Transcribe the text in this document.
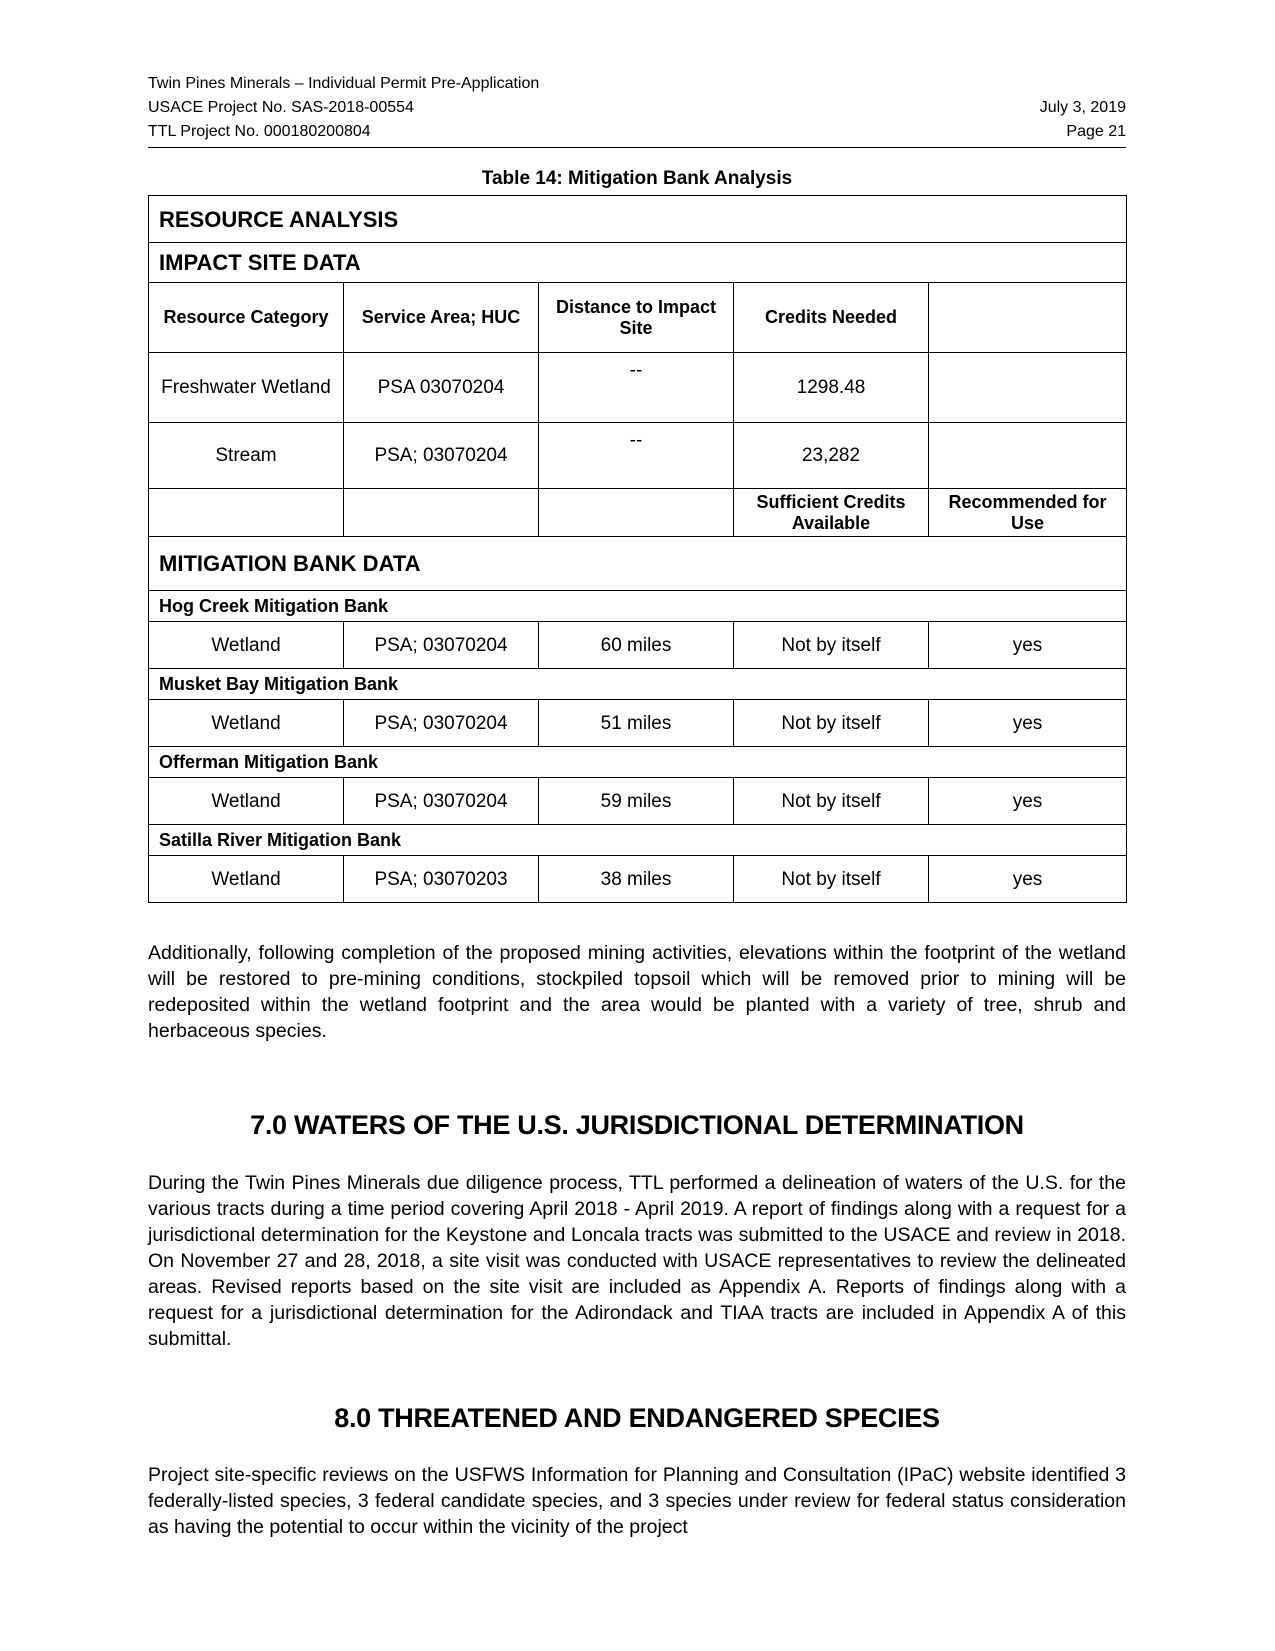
Twin Pines Minerals – Individual Permit Pre-Application
USACE Project No. SAS-2018-00554	July 3, 2019
TTL Project No. 000180200804	Page 21
Table 14: Mitigation Bank Analysis
RESOURCE ANALYSIS				
IMPACT SITE DATA				
Resource Category	Service Area; HUC	Distance to Impact Site	Credits Needed	
Freshwater Wetland	PSA 03070204	--	1298.48	
Stream	PSA; 03070204	--	23,282	
			Sufficient Credits Available	Recommended for Use
MITIGATION BANK DATA				
Hog Creek Mitigation Bank				
Wetland	PSA; 03070204	60 miles	Not by itself	yes
Musket Bay Mitigation Bank				
Wetland	PSA; 03070204	51 miles	Not by itself	yes
Offerman Mitigation Bank				
Wetland	PSA; 03070204	59 miles	Not by itself	yes
Satilla River Mitigation Bank				
Wetland	PSA; 03070203	38 miles	Not by itself	yes
Additionally, following completion of the proposed mining activities, elevations within the footprint of the wetland will be restored to pre-mining conditions, stockpiled topsoil which will be removed prior to mining will be redeposited within the wetland footprint and the area would be planted with a variety of tree, shrub and herbaceous species.
7.0 WATERS OF THE U.S. JURISDICTIONAL DETERMINATION
During the Twin Pines Minerals due diligence process, TTL performed a delineation of waters of the U.S. for the various tracts during a time period covering April 2018 - April 2019. A report of findings along with a request for a jurisdictional determination for the Keystone and Loncala tracts was submitted to the USACE and review in 2018. On November 27 and 28, 2018, a site visit was conducted with USACE representatives to review the delineated areas. Revised reports based on the site visit are included as Appendix A. Reports of findings along with a request for a jurisdictional determination for the Adirondack and TIAA tracts are included in Appendix A of this submittal.
8.0 THREATENED AND ENDANGERED SPECIES
Project site-specific reviews on the USFWS Information for Planning and Consultation (IPaC) website identified 3 federally-listed species, 3 federal candidate species, and 3 species under review for federal status consideration as having the potential to occur within the vicinity of the project
